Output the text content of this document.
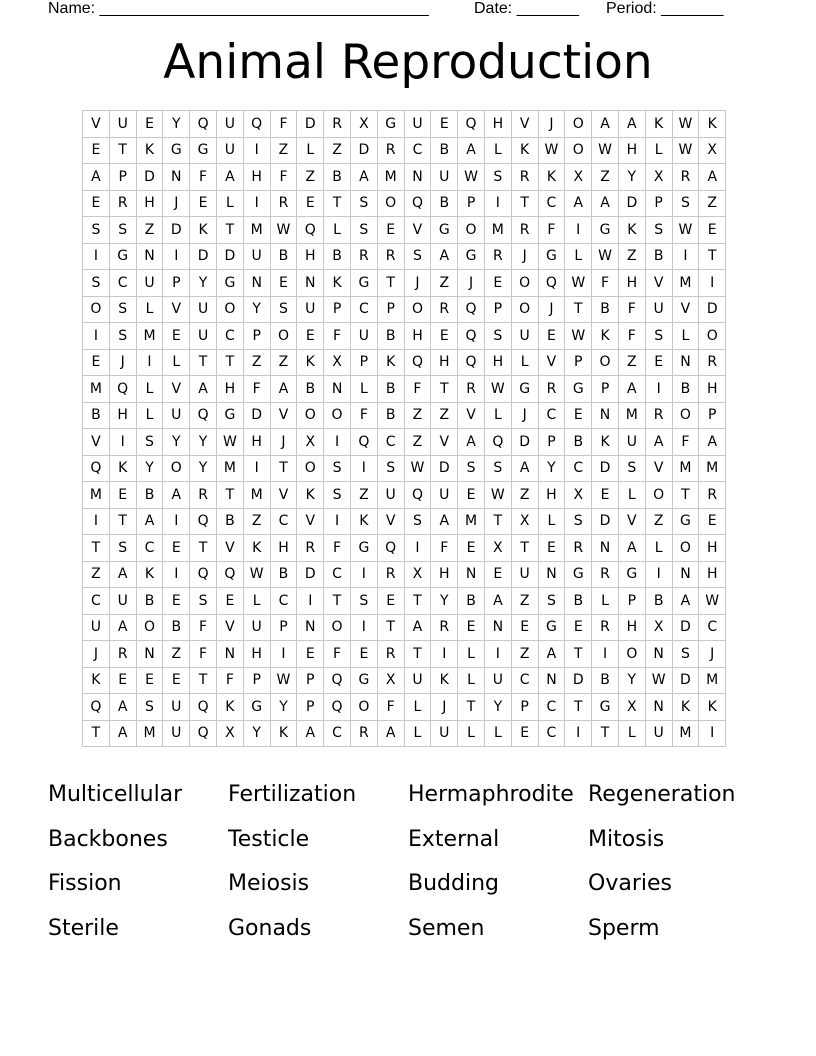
Name: _____________________________________	Date: _______ Period: _______
Animal Reproduction
V	U	E	Y	Q	U	Q	F	D	R	X	G	U	E	Q	H	V	J	O	A	A	K	W	K
E	T	K	G	G	U	I	Z	L	Z	D	R	C	B	A	L	K	W	O	W	H	L	W	X
A	P	D	N	F	A	H	F	Z	B	A	M	N	U	W	S	R	K	X	Z	Y	X	R	A
E	R	H	J	E	L	I	R	E	T	S	O	Q	B	P	I	T	C	A	A	D	P	S	Z
S	S	Z	D	K	T	M	W	Q	L	S	E	V	G	O	M	R	F	I	G	K	S	W	E
I	G	N	I	D	D	U	B	H	B	R	R	S	A	G	R	J	G	L	W	Z	B	I	T
S	C	U	P	Y	G	N	E	N	K	G	T	J	Z	J	E	O	Q	W	F	H	V	M	I
O	S	L	V	U	O	Y	S	U	P	C	P	O	R	Q	P	O	J	T	B	F	U	V	D
I	S	M	E	U	C	P	O	E	F	U	B	H	E	Q	S	U	E	W	K	F	S	L	O
E	J	I	L	T	T	Z	Z	K	X	P	K	Q	H	Q	H	L	V	P	O	Z	E	N	R
M	Q	L	V	A	H	F	A	B	N	L	B	F	T	R	W	G	R	G	P	A	I	B	H
B	H	L	U	Q	G	D	V	O	O	F	B	Z	Z	V	L	J	C	E	N	M	R	O	P
V	I	S	Y	Y	W	H	J	X	I	Q	C	Z	V	A	Q	D	P	B	K	U	A	F	A
Q	K	Y	O	Y	M	I	T	O	S	I	S	W	D	S	S	A	Y	C	D	S	V	M	M
M	E	B	A	R	T	M	V	K	S	Z	U	Q	U	E	W	Z	H	X	E	L	O	T	R
I	T	A	I	Q	B	Z	C	V	I	K	V	S	A	M	T	X	L	S	D	V	Z	G	E
T	S	C	E	T	V	K	H	R	F	G	Q	I	F	E	X	T	E	R	N	A	L	O	H
Z	A	K	I	Q	Q	W	B	D	C	I	R	X	H	N	E	U	N	G	R	G	I	N	H
C	U	B	E	S	E	L	C	I	T	S	E	T	Y	B	A	Z	S	B	L	P	B	A	W
U	A	O	B	F	V	U	P	N	O	I	T	A	R	E	N	E	G	E	R	H	X	D	C
J	R	N	Z	F	N	H	I	E	F	E	R	T	I	L	I	Z	A	T	I	O	N	S	J
K	E	E	E	T	F	P	W	P	Q	G	X	U	K	L	U	C	N	D	B	Y	W	D	M
Q	A	S	U	Q	K	G	Y	P	Q	O	F	L	J	T	Y	P	C	T	G	X	N	K	K
T	A	M	U	Q	X	Y	K	A	C	R	A	L	U	L	L	E	C	I	T	L	U	M	I
Multicellular	Fertilization	Hermaphrodite Regeneration
Backbones	Testicle	External	Mitosis
Fission	Meiosis	Budding	Ovaries
Sterile	Gonads	Semen	Sperm
